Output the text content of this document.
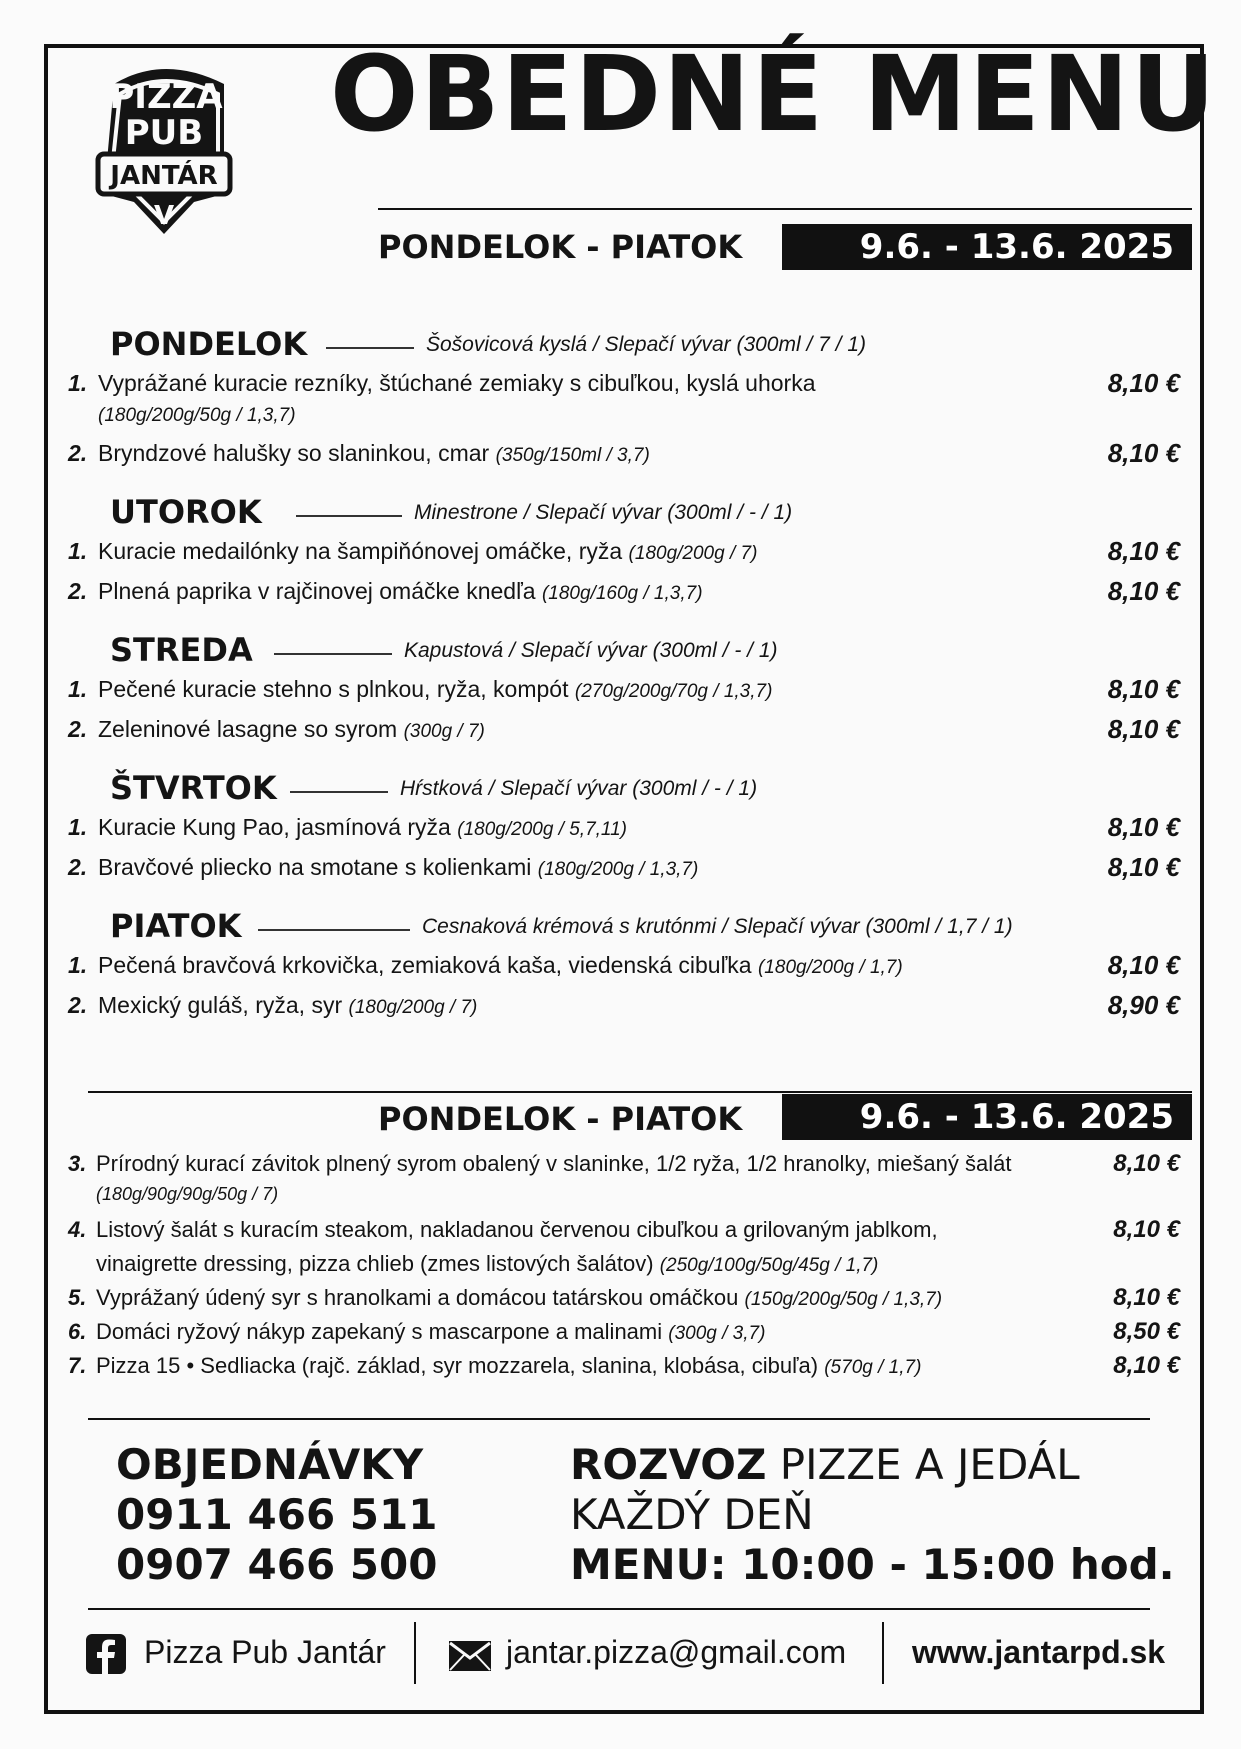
PIZZA
PUB
JANTÁR
V
OBEDNÉ MENU
PONDELOK - PIATOK	9.6. - 13.6. 2025
PONDELOK	Šošovicová kyslá / Slepačí vývar (300ml / 7 / 1)
1. Vyprážané kuracie rezníky, štúchané zemiaky s cibuľkou, kyslá uhorka	8,10 €
(180g/200g/50g / 1,3,7)
2. Bryndzové halušky so slaninkou, cmar (350g/150ml / 3,7)	8,10 €
UTOROK	Minestrone / Slepačí vývar (300ml / - / 1)
1. Kuracie medailónky na šampiňónovej omáčke, ryža (180g/200g / 7)	8,10 €
2. Plnená paprika v rajčinovej omáčke knedľa (180g/160g / 1,3,7)	8,10 €
STREDA	Kapustová / Slepačí vývar (300ml / - / 1)
1. Pečené kuracie stehno s plnkou, ryža, kompót (270g/200g/70g / 1,3,7)	8,10 €
2. Zeleninové lasagne so syrom (300g / 7)	8,10 €
ŠTVRTOK	Hŕstková / Slepačí vývar (300ml / - / 1)
1. Kuracie Kung Pao, jasmínová ryža (180g/200g / 5,7,11)	8,10 €
2. Bravčové pliecko na smotane s kolienkami (180g/200g / 1,3,7)	8,10 €
PIATOK	Cesnaková krémová s krutónmi / Slepačí vývar (300ml / 1,7 / 1)
1. Pečená bravčová krkovička, zemiaková kaša, viedenská cibuľka (180g/200g / 1,7)	8,10 €
2. Mexický guláš, ryža, syr (180g/200g / 7)	8,90 €
PONDELOK - PIATOK	9.6. - 13.6. 2025
3. Prírodný kurací závitok plnený syrom obalený v slaninke, 1/2 ryža, 1/2 hranolky, miešaný šalát	8,10 €
(180g/90g/90g/50g / 7)
4. Listový šalát s kuracím steakom, nakladanou červenou cibuľkou a grilovaným jablkom,	8,10 €
vinaigrette dressing, pizza chlieb (zmes listových šalátov) (250g/100g/50g/45g / 1,7)
5. Vyprážaný údený syr s hranolkami a domácou tatárskou omáčkou (150g/200g/50g / 1,3,7)	8,10 €
6. Domáci ryžový nákyp zapekaný s mascarpone a malinami (300g / 3,7)	8,50 €
7. Pizza 15 • Sedliacka (rajč. základ, syr mozzarela, slanina, klobása, cibuľa) (570g / 1,7)	8,10 €
OBJEDNÁVKY
0911 466 511
0907 466 500
ROZVOZ PIZZE A JEDÁL
KAŽDÝ DEŇ
MENU: 10:00 - 15:00 hod.
Pizza Pub Jantár	jantar.pizza@gmail.com www.jantarpd.sk
